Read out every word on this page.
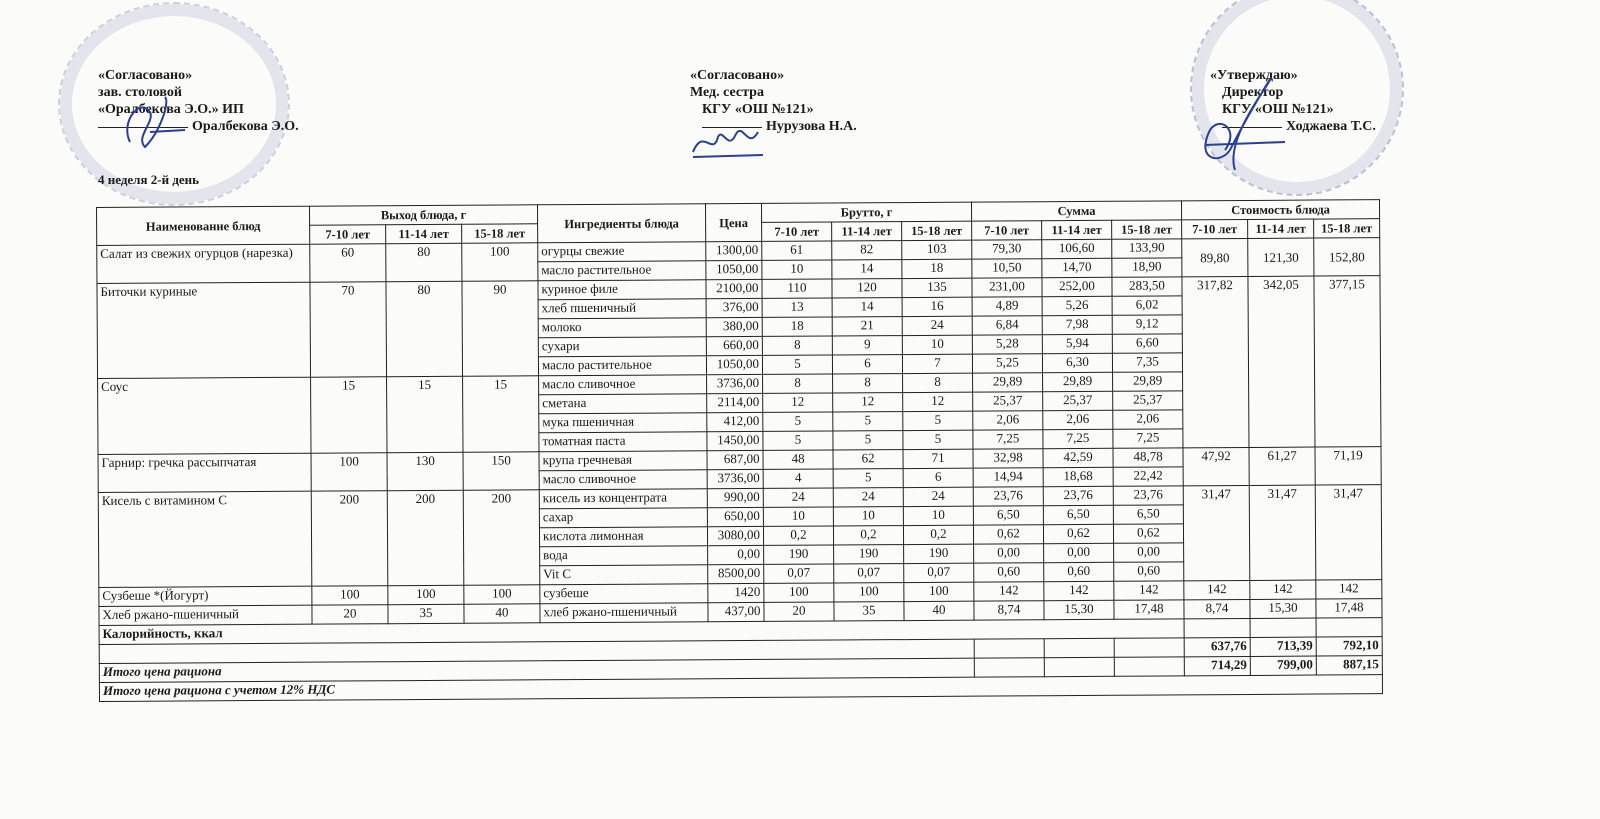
«Согласовано»
зав. столовой
«Оралбекова Э.О.» ИП
Оралбекова Э.О.
«Согласовано»
Мед. сестра
КГУ «ОШ №121»
Нурузова Н.А.
«Утверждаю»
Директор
КГУ «ОШ №121»
Ходжаева Т.С.
4 неделя 2-й день
Наименование блюд	Выход блюда, г			Ингредиенты блюда	Цена	Брутто, г			Сумма			Стоимость блюда		
	7-10 лет	11-14 лет	15-18 лет			7-10 лет	11-14 лет	15-18 лет	7-10 лет	11-14 лет	15-18 лет	7-10 лет	11-14 лет	15-18 лет
Салат из свежих огурцов (нарезка)	60	80	100	огурцы свежие	1300,00	61	82	103	79,30	106,60	133,90	89,80	121,30	152,80
				масло растительное	1050,00	10	14	18	10,50	14,70	18,90			
Биточки куриные	70	80	90	куриное филе	2100,00	110	120	135	231,00	252,00	283,50	317,82	342,05	377,15
				хлеб пшеничный	376,00	13	14	16	4,89	5,26	6,02			
				молоко	380,00	18	21	24	6,84	7,98	9,12			
				сухари	660,00	8	9	10	5,28	5,94	6,60			
				масло растительное	1050,00	5	6	7	5,25	6,30	7,35			
Соус	15	15	15	масло сливочное	3736,00	8	8	8	29,89	29,89	29,89			
				сметана	2114,00	12	12	12	25,37	25,37	25,37			
				мука пшеничная	412,00	5	5	5	2,06	2,06	2,06			
				томатная паста	1450,00	5	5	5	7,25	7,25	7,25			
Гарнир: гречка рассыпчатая	100	130	150	крупа гречневая	687,00	48	62	71	32,98	42,59	48,78	47,92	61,27	71,19
				масло сливочное	3736,00	4	5	6	14,94	18,68	22,42			
Кисель с витамином С	200	200	200	кисель из концентрата	990,00	24	24	24	23,76	23,76	23,76	31,47	31,47	31,47
				сахар	650,00	10	10	10	6,50	6,50	6,50			
				кислота лимонная	3080,00	0,2	0,2	0,2	0,62	0,62	0,62			
				вода	0,00	190	190	190	0,00	0,00	0,00			
				Vit C	8500,00	0,07	0,07	0,07	0,60	0,60	0,60			
Сузбеше *(Йогурт)	100	100	100	сузбеше	1420	100	100	100	142	142	142	142	142	142
Хлеб ржано-пшеничный	20	35	40	хлеб ржано-пшеничный	437,00	20	35	40	8,74	15,30	17,48	8,74	15,30	17,48
Калорийность, ккал														
												637,76	713,39	792,10
Итого цена рациона												714,29	799,00	887,15
Итого цена рациона с учетом 12% НДС														
